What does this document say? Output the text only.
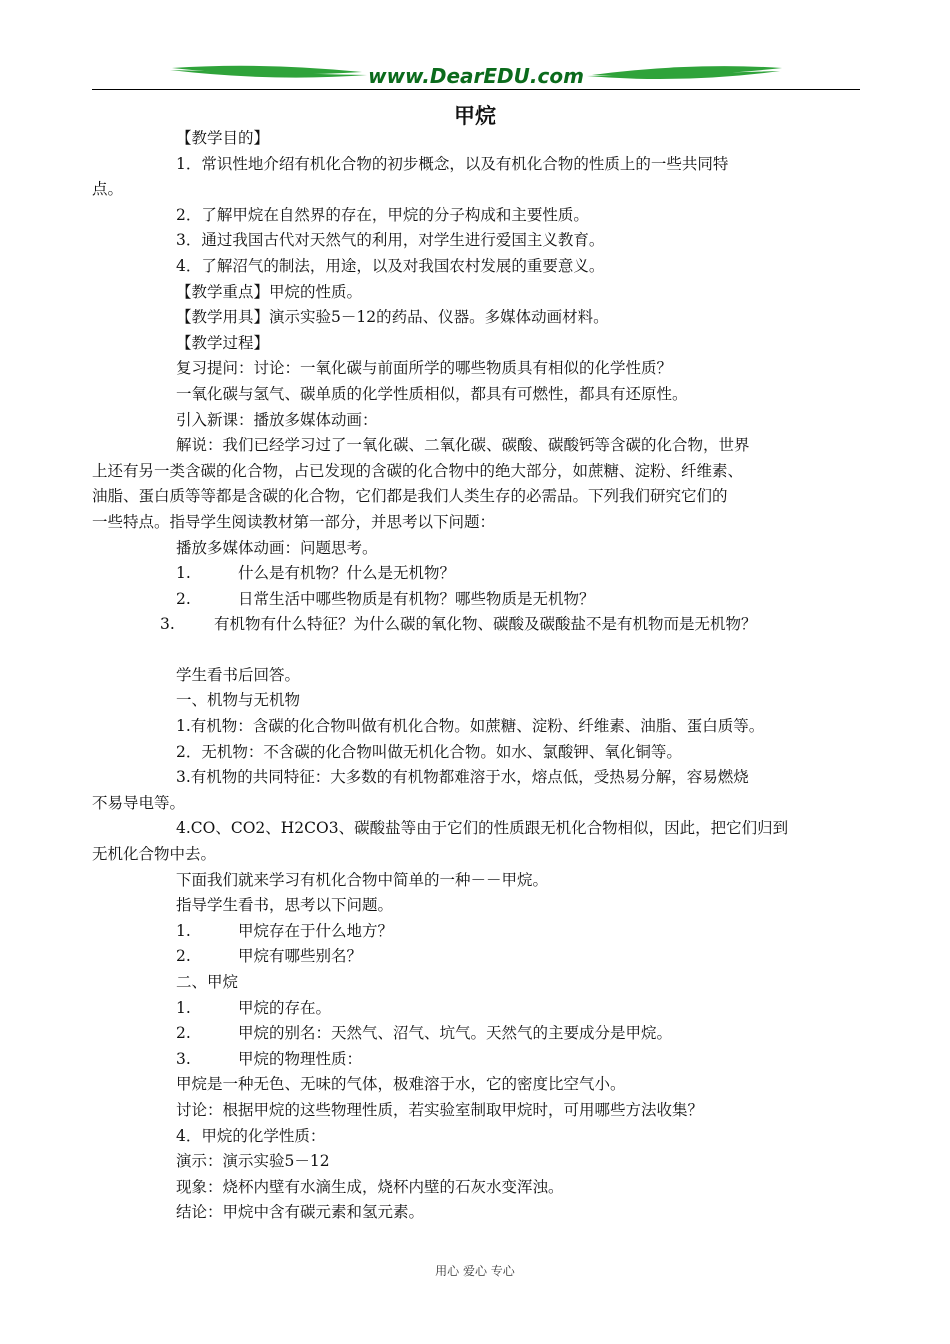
www.DearEDU.com
甲烷

【教学目的】

1．常识性地介绍有机化合物的初步概念，以及有机化合物的性质上的一些共同特

点。

2．了解甲烷在自然界的存在，甲烷的分子构成和主要性质。

3．通过我国古代对天然气的利用，对学生进行爱国主义教育。

4．了解沼气的制法，用途，以及对我国农村发展的重要意义。

【教学重点】甲烷的性质。

【教学用具】演示实验5－12的药品、仪器。多媒体动画材料。

【教学过程】

复习提问：讨论：一氧化碳与前面所学的哪些物质具有相似的化学性质？

一氧化碳与氢气、碳单质的化学性质相似，都具有可燃性，都具有还原性。

引入新课：播放多媒体动画：

解说：我们已经学习过了一氧化碳、二氧化碳、碳酸、碳酸钙等含碳的化合物，世界

上还有另一类含碳的化合物，占已发现的含碳的化合物中的绝大部分，如蔗糖、淀粉、纤维素、

油脂、蛋白质等等都是含碳的化合物，它们都是我们人类生存的必需品。下列我们研究它们的

一些特点。指导学生阅读教材第一部分，并思考以下问题：

播放多媒体动画：问题思考。

1.	什么是有机物？什么是无机物？

2.	日常生活中哪些物质是有机物？哪些物质是无机物？

3.	有机物有什么特征？为什么碳的氧化物、碳酸及碳酸盐不是有机物而是无机物？

学生看书后回答。

一、机物与无机物

1.有机物：含碳的化合物叫做有机化合物。如蔗糖、淀粉、纤维素、油脂、蛋白质等。

2．无机物：不含碳的化合物叫做无机化合物。如水、氯酸钾、氧化铜等。

3.有机物的共同特征：大多数的有机物都难溶于水，熔点低，受热易分解，容易燃烧

不易导电等。

4.CO、CO2、H2CO3、碳酸盐等由于它们的性质跟无机化合物相似，因此，把它们归到

无机化合物中去。

下面我们就来学习有机化合物中简单的一种－－甲烷。

指导学生看书，思考以下问题。

1.	甲烷存在于什么地方？

2.	甲烷有哪些别名？

二、甲烷

1.	甲烷的存在。

2.	甲烷的别名：天然气、沼气、坑气。天然气的主要成分是甲烷。

3.	甲烷的物理性质：

甲烷是一种无色、无味的气体，极难溶于水，它的密度比空气小。

讨论：根据甲烷的这些物理性质，若实验室制取甲烷时，可用哪些方法收集？

4．甲烷的化学性质：

演示：演示实验5－12

现象：烧杯内壁有水滴生成，烧杯内壁的石灰水变浑浊。

结论：甲烷中含有碳元素和氢元素。

用心 爱心 专心
